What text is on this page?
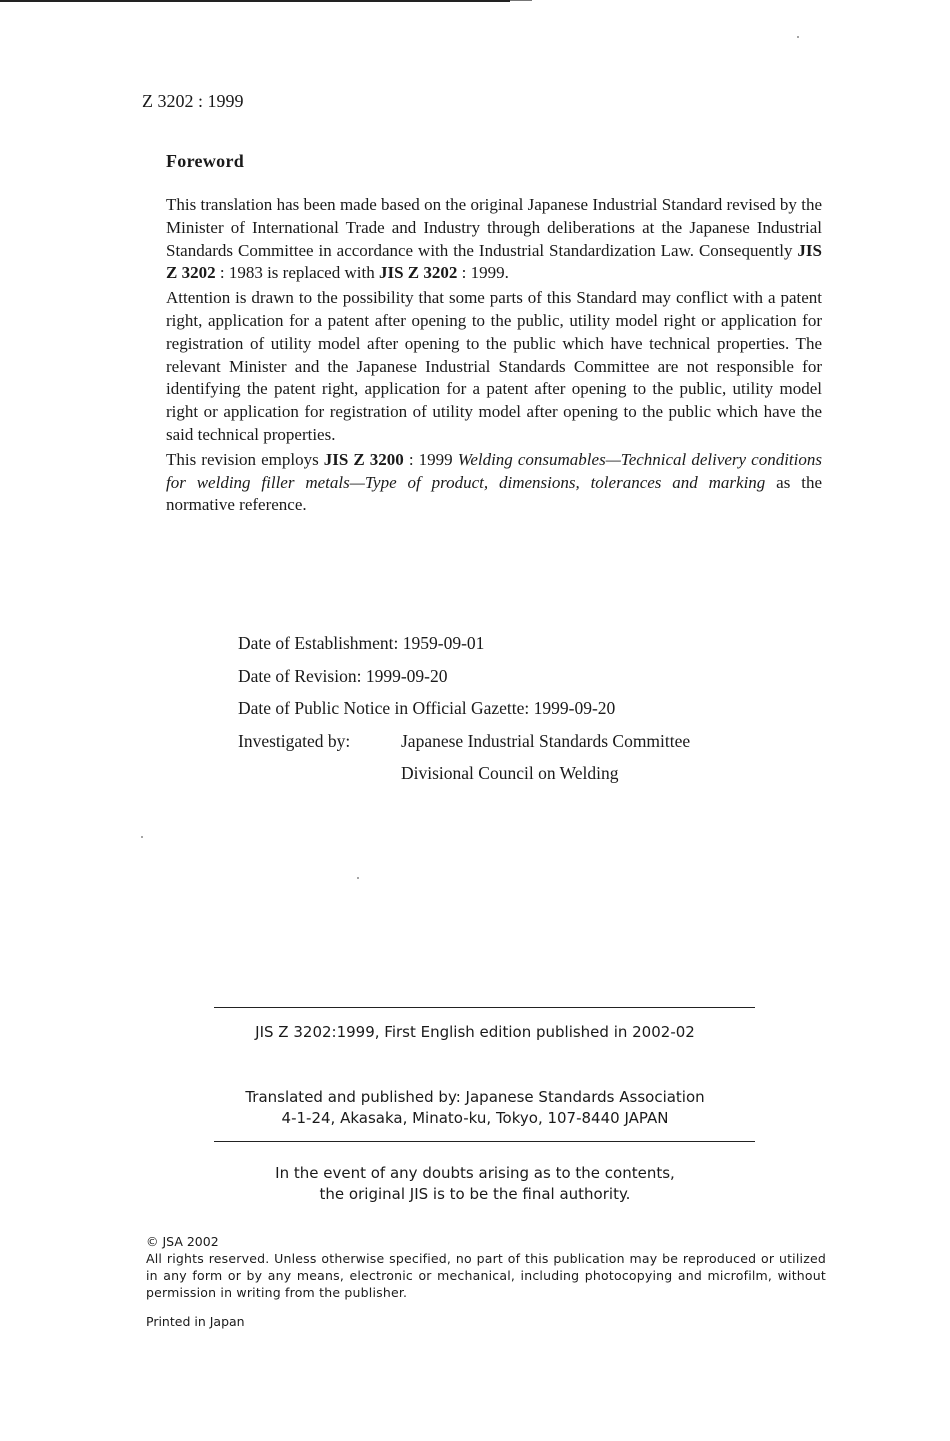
Z 3202 : 1999
Foreword

This translation has been made based on the original Japanese Industrial Standard revised by the Minister of International Trade and Industry through deliberations at the Japanese Industrial Standards Committee in accordance with the Industrial Standardization Law. Consequently JIS Z 3202 : 1983 is replaced with JIS Z 3202 : 1999.

Attention is drawn to the possibility that some parts of this Standard may conflict with a patent right, application for a patent after opening to the public, utility model right or application for registration of utility model after opening to the public which have technical properties. The relevant Minister and the Japanese Industrial Standards Committee are not responsible for identifying the patent right, application for a patent after opening to the public, utility model right or application for registration of utility model after opening to the public which have the said technical properties.

This revision employs JIS Z 3200 : 1999 Welding consumables—Technical delivery conditions for welding filler metals—Type of product, dimensions, tolerances and marking as the normative reference.

Date of Establishment: 1959-09-01
Date of Revision: 1999-09-20
Date of Public Notice in Official Gazette: 1999-09-20
Investigated by:	Japanese Industrial Standards Committee
Divisional Council on Welding
JIS Z 3202:1999, First English edition published in 2002-02
Translated and published by: Japanese Standards Association
4-1-24, Akasaka, Minato-ku, Tokyo, 107-8440 JAPAN
In the event of any doubts arising as to the contents,
the original JIS is to be the final authority.
© JSA 2002
All rights reserved. Unless otherwise specified, no part of this publication may be reproduced or utilized in any form or by any means, electronic or mechanical, including photocopying and microfilm, without permission in writing from the publisher.
Printed in Japan
